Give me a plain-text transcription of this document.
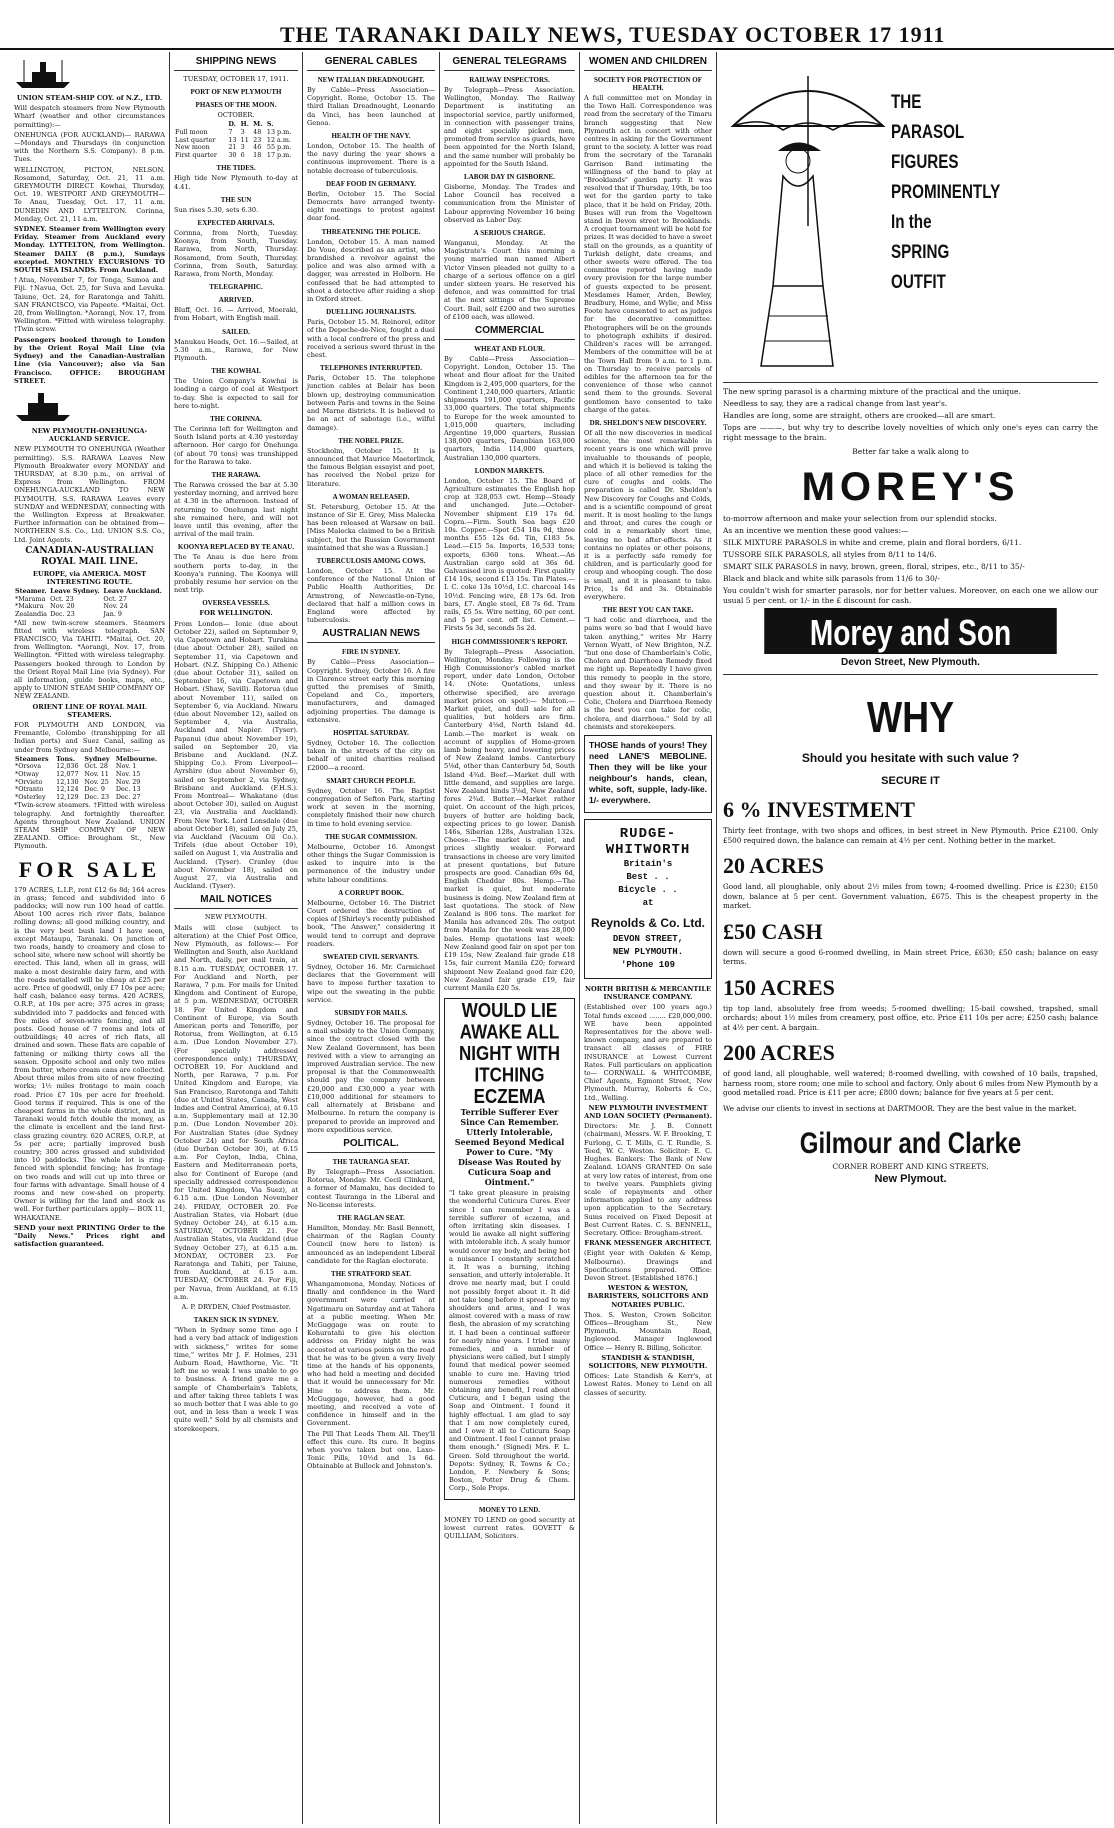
THE TARANAKI DAILY NEWS, TUESDAY OCTOBER 17 1911

UNION STEAM-SHIP COY. of N.Z., LTD.

Will despatch steamers from New Plymouth Wharf (weather and other circumstances permitting):—

ONEHUNGA (FOR AUCKLAND)— RARAWA—Mondays and Thursdays (in conjunction with the Northern S.S. Company). 8 p.m. Tues.

WELLINGTON, PICTON, NELSON. Rosamond, Saturday, Oct. 21, 11 a.m. GREYMOUTH DIRECT. Kowhai, Thursday, Oct. 19. WESTPORT AND GREYMOUTH— Te Anau, Tuesday, Oct. 17, 11 a.m. DUNEDIN AND LYTTELTON. Corinna, Monday, Oct. 21, 11 a.m.

SYDNEY. Steamer from Wellington every Friday. Steamer from Auckland every Monday. LYTTELTON, from Wellington. Steamer DAILY (8 p.m.), Sundays excepted. MONTHLY EXCURSIONS TO SOUTH SEA ISLANDS. From Auckland.

†Atua, November 7, for Tonga, Samoa and Fiji. †Navua, Oct. 25, for Suva and Levuka. Taiune, Oct. 24, for Raratonga and Tahiti. SAN FRANCISCO, via Papeete. *Maitai, Oct. 20, from Wellington. *Aorangi, Nov. 17, from Wellington. *Fitted with wireless telegraphy. †Twin screw.

Passengers booked through to London by the Orient Royal Mail Line (via Sydney) and the Canadian-Australian Line (via Vancouver); also via San Francisco. OFFICE: BROUGHAM STREET.

NEW PLYMOUTH-ONEHUNGA-AUCKLAND SERVICE.

NEW PLYMOUTH TO ONEHUNGA (Weather permitting). S.S. RARAWA Leaves New Plymouth Breakwater every MONDAY and THURSDAY, at 8.30 p.m., on arrival of Express from Wellington. FROM ONEHUNGA-AUCKLAND TO NEW PLYMOUTH. S.S. RARAWA Leaves every SUNDAY and WEDNESDAY, connecting with the Wellington Express at Breakwater. Further information can be obtained from— NORTHERN S.S. Co., Ltd. UNION S.S. Co., Ltd. Joint Agents.

CANADIAN-AUSTRALIAN ROYAL MAIL LINE.

EUROPE, via AMERICA. MOST INTERESTING ROUTE.

Steamer.	Leave Sydney.	Leave Auckland.
*Marama	Oct. 23	Oct. 27
*Makura	Nov. 20	Nov. 24
Zealandia	Dec. 23	Jan. 9

*All new twin-screw steamers. Steamers fitted with wireless telegraph. SAN FRANCISCO, Via TAHITI. *Maitai, Oct. 20, from Wellington. *Aorangi, Nov. 17, from Wellington. *Fitted with wireless telegraphy. Passengers booked through to London by the Orient Royal Mail Line (via Sydney). For all information, guide books, maps, etc., apply to UNION STEAM SHIP COMPANY OF NEW ZEALAND.

ORIENT LINE OF ROYAL MAIL STEAMERS.

FOR PLYMOUTH AND LONDON, via Fremantle, Colombo (transhipping for all Indian ports) and Suez Canal, sailing as under from Sydney and Melbourne:—

Steamers	Tons.	Sydney	Melbourne.
*Orsova	12,036	Oct. 28	Nov. 1
*Otway	12,077	Nov. 11	Nov. 15
*Orvieto	12,130	Nov. 25	Nov. 29
*Otranto	12,124	Dec. 9	Dec. 13
*Osterley	12,129	Dec. 23	Dec. 27

*Twin-screw steamers. †Fitted with wireless telegraphy. And fortnightly thereafter. Agents throughout New Zealand. UNION STEAM SHIP COMPANY OF NEW ZEALAND. Office: Brougham St., New Plymouth.

FOR SALE

179 ACRES, L.I.P., rent £12 6s 8d; 164 acres in grass; fenced and subdivided into 6 paddocks; will now run 100 head of cattle. About 100 acres rich river flats, balance rolling downs; all good milking country, and is the very best bush land I have seen, except Mataupu, Taranaki. On junction of two roads, handy to creamery and close to school site, where new school will shortly be erected. This land, when all in grass, will make a most desirable dairy farm, and with the roads metalled will be cheap at £25 per acre. Price of goodwill, only £7 10s per acre; half cash, balance easy terms. 420 ACRES, O.R.P., at 10s per acre; 375 acres in grass; subdivided into 7 paddocks and fenced with five miles of seven-wire fencing, and all posts. Good house of 7 rooms and lots of outbuildings; 40 acres of rich flats, all drained and sown. These flats are capable of fattening or milking thirty cows all the season. Opposite school and only two miles from butter, where cream cans are collected. About three miles from site of new freezing works; 1½ miles frontage to main coach road. Price £7 10s per acre for freehold. Good terms if required. This is one of the cheapest farms in the whole district, and in Taranaki would fetch double the money, as the climate is excellent and the land first-class grazing country. 620 ACRES, O.R.P., at 5s per acre; partially improved bush country; 300 acres grassed and subdivided into 10 paddocks. The whole lot is ring-fenced with splendid fencing; has frontage on two roads and will cut up into three or four farms with advantage. Small house of 4 rooms and new cow-shed on property. Owner is willing for the land and stock as well. For further particulars apply— BOX 11, WHAKATANE.

SEND your next PRINTING Order to the "Daily News." Prices right and satisfaction guaranteed.

SHIPPING NEWS

TUESDAY, OCTOBER 17, 1911.

PORT OF NEW PLYMOUTH
PHASES OF THE MOON.

OCTOBER.

	D.	H.	M.	S.
Full moon	7	3	48	13 p.m.
Last quarter	13	11	23	12 a.m.
New moon	21	3	46	55 p.m.
First quarter	30	6	18	17 p.m.
THE TIDES.

High tide New Plymouth to-day at 4.41.

THE SUN

Sun rises 5.30, sets 6.30.

EXPECTED ARRIVALS.

Corinna, from North, Tuesday. Koonya, from South, Tuesday. Rarawa, from North, Thursday. Rosamond, from South, Thursday. Corinna, from South, Saturday. Rarawa, from North, Monday.

TELEGRAPHIC.
ARRIVED.

Bluff, Oct. 16. — Arrived, Moeraki, from Hobart, with English mail.

SAILED.

Manukau Heads, Oct. 16.—Sailed, at 5.30 a.m., Rarawa, for New Plymouth.

THE KOWHAI.

The Union Company's Kowhai is loading a cargo of coal at Westport to-day. She is expected to sail for here to-night.

THE CORINNA.

The Corinna left for Wellington and South Island ports at 4.30 yesterday afternoon. Her cargo for Onehunga (of about 70 tons) was transhipped for the Rarawa to take.

THE RARAWA.

The Rarawa crossed the bar at 5.30 yesterday morning, and arrived here at 4.30 in the afternoon. Instead of returning to Onehunga last night she remained here, and will not leave until this evening, after the arrival of the mail train.

KOONYA REPLACED BY TE ANAU.

The Te Anau is due here from southern ports to-day, in the Koonya's running. The Koonya will probably resume her service on the next trip.

OVERSEA VESSELS.

FOR WELLINGTON.

From London— Ionic (due about October 22), sailed on September 9, via Capetown and Hobart. Turakina (due about October 28), sailed on September 11, via Capetown and Hobart. (N.Z. Shipping Co.) Athenic (due about October 31), sailed on September 16, via Capetown and Hobart. (Shaw, Savill). Rotorua (due about November 11), sailed on September 6, via Auckland. Niwaru (due about November 12), sailed on September 4, via Australia, Auckland and Napier. (Tyser). Papanui (due about November 19), sailed on September 20, via Brisbane and Auckland. (N.Z. Shipping Co.). From Liverpool— Ayrshire (due about November 6), sailed on September 2, via Sydney, Brisbane and Auckland. (F.H.S.). From Montreal— Whakatane (due about October 30), sailed on August 23, via Australia and Auckland). From New York. Lord Lonsdale (due about October 18), sailed on July 25, via Auckland (Vacuum Oil Co.). Trifels (due about October 19), sailed on August 1, via Australia and Auckland. (Tyser). Cranley (due about November 18), sailed on August 27, via Australia and Auckland. (Tyser).

MAIL NOTICES

NEW PLYMOUTH.

Mails will close (subject to alteration) at the Chief Post Office, New Plymouth, as follows:— For Wellington and South, also Auckland and North, daily, per mail train, at 8.15 a.m. TUESDAY, OCTOBER 17. For Auckland and North, per Rarawa, 7 p.m. For mails for United Kingdom and Continent of Europe, at 5 p.m. WEDNESDAY, OCTOBER 18. For United Kingdom and Continent of Europe, via South American ports and Teneriffe, per Rotorua, from Wellington, at 6.15 a.m. (Due London November 27). (For specially addressed correspondence only.) THURSDAY, OCTOBER 19. For Auckland and North, per Rarawa, 7 p.m. For United Kingdom and Europe, via San Francisco, Rarotonga and Tahiti (due at United States, Canada, West Indies and Central America), at 6.15 a.m. Supplementary mail at 12.30 p.m. (Due London November 20). For Australian States (due Sydney October 24) and for South Africa (due Durban October 30), at 6.15 a.m. For Ceylon, India, China, Eastern and Mediterranean ports, also for Continent of Europe (and specially addressed correspondence for United Kingdom, Via Suez), at 6.15 a.m. (Due London November 24). FRIDAY, OCTOBER 20. For Australian States, via Hobart (due Sydney October 24), at 6.15 a.m. SATURDAY, OCTOBER 21. For Australian States, via Auckland (due Sydney October 27), at 6.15 a.m. MONDAY, OCTOBER 23. For Raratonga and Tahiti, per Taiune, from Auckland, at 6.15 a.m. TUESDAY, OCTOBER 24. For Fiji, per Navua, from Auckland, at 6.15 a.m.

A. P. DRYDEN, Chief Postmaster.

TAKEN SICK IN SYDNEY.

"When in Sydney some time ago I had a very bad attack of indigestion with sickness," writes for some time," writes Mr J. F. Holmes, 231 Auburn Road, Hawthorne, Vic. "It left me so weak I was unable to go to business. A friend gave me a sample of Chamberlain's Tablets, and after taking three tablets I was so much better that I was able to go out, and in less than a week I was quite well." Sold by all chemists and storekeepers.

GENERAL CABLES
NEW ITALIAN DREADNOUGHT.

By Cable—Press Association—Copyright. Rome, October 15. The third Italian Dreadnought, Leonardo da Vinci, has been launched at Genoa.

HEALTH OF THE NAVY.

London, October 15. The health of the navy during the year shows a continuous improvement. There is a notable decrease of tuberculosis.

DEAF FOOD IN GERMANY.

Berlin, October 15. The Social Democrats have arranged twenty-eight meetings to protest against dear food.

THREATENING THE POLICE.

London, October 15. A man named De Voue, described as an artist, who brandished a revolver against the police and was also armed with a dagger, was arrested in Holborn. He confessed that he had attempted to shoot a detective after raiding a shop in Oxford street.

DUELLING JOURNALISTS.

Paris, October 15. M. Reinorel, editor of the Depeche-de-Nice, fought a duel with a local confrere of the press and received a serious sword thrust in the chest.

TELEPHONES INTERRUPTED.

Paris, October 15. The telephone junction cables at Belair has been blown up, destroying communication between Paris and towns in the Seine and Marne districts. It is believed to be an act of sabotage (i.e., wilful damage).

THE NOBEL PRIZE.

Stockholm, October 15. It is announced that Maurice Maeterlinck, the famous Belgian essayist and poet, has received the Nobel prize for literature.

A WOMAN RELEASED.

St. Petersburg, October 15. At the instance of Sir E. Grey, Miss Malecka has been released at Warsaw on bail. [Miss Malecka claimed to be a British subject, but the Russian Government maintained that she was a Russian.]

TUBERCULOSIS AMONG COWS.

London, October 15. At the conference of the National Union of Public Health Authorities, Dr. Armstrong, of Newcastle-on-Tyne, declared that half a million cows in England were affected by tuberculosis.

AUSTRALIAN NEWS
FIRE IN SYDNEY.

By Cable—Press Association—Copyright. Sydney, October 16. A fire in Clarence street early this morning gutted the premises of Smith, Copeland and Co., importers, manufacturers, and damaged adjoining properties. The damage is extensive.

HOSPITAL SATURDAY.

Sydney, October 16. The collection taken in the streets of the city on behalf of united charities realised £2000—a record.

SMART CHURCH PEOPLE.

Sydney, October 16. The Baptist congregation of Sefton Park, starting work at seven in the morning, completely finished their new church in time to hold evening service.

THE SUGAR COMMISSION.

Melbourne, October 16. Amongst other things the Sugar Commission is asked to inquire into is the permanence of the industry under white labour conditions.

A CORRUPT BOOK.

Melbourne, October 16. The District Court ordered the destruction of copies of [Shirley's recently published book, "The Answer," considering it would tend to corrupt and deprave readers.

SWEATED CIVIL SERVANTS.

Sydney, October 16. Mr. Carmichael declares that the Government will have to impose further taxation to wipe out the sweating in the public service.

SUBSIDY FOR MAILS.

Sydney, October 16. The proposal for a mail subsidy to the Union Company, since the contract closed with the New Zealand Government, has been revived with a view to arranging an improved Australian service. The new proposal is that the Commonwealth should pay the company between £20,000 and £30,000 a year with £10,000 additional for steamers to call alternately at Brisbane and Melbourne. In return the company is prepared to provide an improved and more expeditious service.

POLITICAL.
THE TAURANGA SEAT.

By Telegraph—Press Association. Rotorua, Monday. Mr. Cecil Clinkard, a former of Mamaku, has decided to contest Tauranga in the Liberal and No-license interests.

THE RAGLAN SEAT.

Hamilton, Monday. Mr. Basil Bennett, chairman of the Raglan County Council (now here to listen) is announced as an independent Liberal candidate for the Raglan electorate.

THE STRATFORD SEAT.

Whangamomona, Monday. Notices of finally and confidence in the Ward government were carried at Ngatimaru on Saturday and at Tahora at a public meeting. When Mr. McGuggage was on route to Kohuratahi to give his election address on Friday night he was accosted at various points on the road that he was to be given a very lively time at the hands of his opponents, who had held a meeting and decided that it would be unnecessary for Mr. Hine to address them. Mr. McGuggage, however, had a good meeting, and received a vote of confidence in himself and in the Government.

The Pill That Leads Them All. They'll effect this cure. Its cure. It begins when you've taken but one. Laxo-Tonic Pills, 10½d and 1s 6d. Obtainable at Bullock and Johnston's.

GENERAL TELEGRAMS
RAILWAY INSPECTORS.

By Telegraph—Press Association. Wellington, Monday. The Railway Department is instituting an inspectorial service, partly uniformed, in connection with passenger trains, and eight specially picked men, promoted from service as guards, have been appointed for the North Island, and the same number will probably be appointed for the South Island.

LABOR DAY IN GISBORNE.

Gisborne, Monday. The Trades and Labor Council has received a communication from the Minister of Labour approving November 16 being observed as Labor Day.

A SERIOUS CHARGE.

Wanganui, Monday. At the Magistrate's Court this morning a young married man named Albert Victor Vinsen pleaded not guilty to a charge of a serious offence on a girl under sixteen years. He reserved his defence, and was committed for trial at the next sittings of the Supreme Court. Bail, self £200 and two sureties of £100 each, was allowed.

COMMERCIAL
WHEAT AND FLOUR.

By Cable—Press Association—Copyright. London, October 15. The wheat and flour afloat for the United Kingdom is 2,495,000 quarters, for the Continent 1,240,000 quarters, Atlantic shipments 191,000 quarters, Pacific 33,000 quarters. The total shipments to Europe for the week amounted to 1,015,000 quarters, including Argentine 19,000 quarters, Russian 138,000 quarters, Danubian 163,000 quarters, India 114,000 quarters, Australian 130,000 quarters.

LONDON MARKETS.

London, October 15. The Board of Agriculture estimates the English hop crop at 328,053 cwt. Hemp—Steady and unchanged. Jute.—October-November shipment £19 17s 6d. Copra.—Firm. South Sea bags £20 10s. Copper.—Spot £54 18s 9d, three months £55 12s 6d. Tin, £183 5s. Lead.—£15 5s. Imports, 16,533 tons; exports, 6360 tons. Wheat.—An Australian cargo sold at 36s 6d. Galvanised iron is quoted: First quality £14 10s, second £13 15s. Tin Plates.—I. C. coke 13s 10½d, I.C. charcoal 14s 10½d. Fencing wire, £8 17s 6d. Iron bars, £7. Angle steel, £8 7s 6d. Tram rails, £5 5s. Wire netting, 60 per cent. and 5 per cent. off list. Cement.—Firsts 5s 3d, seconds 5s 2d.

HIGH COMMISSIONER'S REPORT.

By Telegraph—Press Association. Wellington, Monday. Following is the High Commissioner's cabled market report, under date London, October 14. (Note: Quotations, unless otherwise specified, are average market prices on spot):— Mutton.—Market quiet, and dull sale for all qualities, but holders are firm. Canterbury 4⅛d, North Island 4d. Lamb.—The market is weak on account of supplies of Home-grown lamb being heavy, and lowering prices of New Zealand lambs. Canterbury 5⅛d, other than Canterbury 5d, South Island 4¾d. Beef.—Market dull with little demand, and supplies are large. New Zealand hinds 3⅛d, New Zealand fores 2¾d. Butter.—Market rather quiet. On account of the high prices, buyers of butter are holding back, expecting prices to go lower. Danish 146s, Siberian 128s, Australian 132s. Cheese.—The market is quiet, and prices slightly weaker. Forward transactions in cheese are very limited at present quotations, but future prospects are good. Canadian 69s 6d, English Cheddar 80s. Hemp.—The market is quiet, but moderate business is doing. New Zealand firm at last quotations. The stock of New Zealand is 806 tons. The market for Manila has advanced 20s. The output from Manila for the week was 28,000 bales. Hemp quotations last week: New Zealand good fair on spot per ton £19 15s, New Zealand fair grade £18 15s, fair current Manila £20; forward shipment New Zealand good fair £20, New Zealand fair grade £19, fair current Manila £20 5s.

WOULD LIE AWAKE ALL NIGHT WITH ITCHING ECZEMA

Terrible Sufferer Ever Since Can Remember. Utterly Intolerable, Seemed Beyond Medical Power to Cure. "My Disease Was Routed by Cuticura Soap and Ointment."

"I take great pleasure in praising the wonderful Cuticura Cures. Ever since I can remember I was a terrible sufferer of eczema, and often irritating skin diseases. I would lie awake all night suffering with intolerable itch. A scaly humor would cover my body, and being hot a nuisance I constantly scratched it. It was a burning, itching sensation, and utterly intolerable. It drove me nearly mad, but I could not possibly forget about it. It did not take long before it spread to my shoulders and arms, and I was almost covered with a mass of raw flesh, the abrasion of my scratching it. I had been a continual sufferer for nearly nine years. I tried many remedies, and a number of physicians were called, but I simply found that medical power seemed unable to cure me. Having tried numerous remedies without obtaining any benefit, I read about Cuticura, and I began using the Soap and Ointment. I found it highly effectual. I am glad to say that I am now completely cured, and I owe it all to Cuticura Soap and Ointment. I feel I cannot praise them enough." (Signed) Mrs. F. L. Green. Sold throughout the world. Depots: Sydney, R. Towns & Co.; London, F. Newbery & Sons; Boston, Potter Drug & Chem. Corp., Sole Props.

MONEY TO LEND.

MONEY TO LEND on good security at lowest current rates. GOVETT & QUILLIAM, Solicitors.

WOMEN AND CHILDREN
SOCIETY FOR PROTECTION OF HEALTH.

A full committee met on Monday in the Town Hall. Correspondence was read from the secretary of the Timaru branch suggesting that New Plymouth act in concert with other centres in asking for the Government grant to the society. A letter was read from the secretary of the Taranaki Garrison Band intimating the willingness of the band to play at "Brooklands" garden party. It was resolved that if Thursday, 19th, be too wet for the garden party to take place, that it be held on Friday, 20th. Buses will run from the Vogeltown stand in Devon street to Brooklands. A croquet tournament will be held for prizes. It was decided to have a sweet stall on the grounds, as a quantity of Turkish delight, date creams, and other sweets were offered. The tea committee reported having made every provision for the large number of guests expected to be present. Mesdames Hamer, Arden, Bewley, Bradbury, Home, and Wylie, and Miss Foote have consented to act as judges for the decorative committee. Photographers will be on the grounds to photograph exhibits if desired. Children's races will be arranged. Members of the committee will be at the Town Hall from 9 a.m. to 1 p.m. on Thursday to receive parcels of edibles for the afternoon tea for the convenience of those who cannot send them to the grounds. Several gentlemen have consented to take charge of the gates.

DR. SHELDON'S NEW DISCOVERY.

Of all the new discoveries in medical science, the most remarkable in recent years is one which will prove invaluable to thousands of people, and which it is believed is taking the place of all other remedies for the cure of coughs and colds. The preparation is called Dr. Sheldon's New Discovery for Coughs and Colds, and is a scientific compound of great merit. It is most healing to the lungs and throat, and cures the cough or cold in a remarkably short time, leaving no bad after-effects. As it contains no opiates or other poisons, it is a perfectly safe remedy for children, and is particularly good for croup and whooping cough. The dose is small, and it is pleasant to take. Price, 1s 6d and 3s. Obtainable everywhere.

THE BEST YOU CAN TAKE.

"I had colic and diarrhoea, and the pains were so bad that I would have taken anything," writes Mr Harry Vernon Wyatt, of New Brighton, N.Z. "but one dose of Chamberlain's Colic, Cholera and Diarrhoea Remedy fixed me right up. Repeatedly I have given this remedy to people in the store, and they swear by it. There is no question about it. Chamberlain's Colic, Cholera and Diarrhoea Remedy is the best you can take for colic, cholera, and diarrhoea." Sold by all chemists and storekeepers.

THOSE hands of yours! They need LANE'S MEBOLINE. Then they will be like your neighbour's hands, clean, white, soft, supple, lady-like. 1/- everywhere.

RUDGE-
WHITWORTH
Britain's
Best . .
Bicycle . .
at
Reynolds & Co. Ltd.
DEVON STREET,
NEW PLYMOUTH.
'Phone 109

NORTH BRITISH & MERCANTILE INSURANCE COMPANY.

(Established over 100 years ago.) Total funds exceed ........ £20,000,000. WE have been appointed Representatives for the above well-known company, and are prepared to transact all classes of FIRE INSURANCE at Lowest Current Rates. Full particulars on application to— CORNWALL & WHITCOMBE, Chief Agents, Egmont Street, New Plymouth. Murray, Roberts & Co., Ltd., Welling.

NEW PLYMOUTH INVESTMENT AND LOAN SOCIETY (Permanent).

Directors: Mr. J. B. Connett (chairman), Messrs. W. F. Brooking, T. Furlong, C. T. Mills, C. T. Rundle, S. Teed, W. C. Weston. Solicitor: E. C. Hughes. Bankers: The Bank of New Zealand. LOANS GRANTED On sale at very low rates of interest, from one to twelve years. Pamphlets giving scale of repayments and other information applied to any address upon application to the Secretary. Sums received on Fixed Deposit at Best Current Rates. C. S. BENNELL, Secretary. Office: Brougham-street.

FRANK MESSENGER ARCHITECT.

(Eight year with Oakden & Kemp, Melbourne). Drawings and Specifications prepared. Office: Devon Street. [Established 1876.]

WESTON & WESTON, BARRISTERS, SOLICITORS AND NOTARIES PUBLIC.

Thos. S. Weston, Crown Solicitor. Offices—Brougham St., New Plymouth. Mountain Road, Inglewood. Manager Inglewood Office — Henry R. Billing, Solicitor.

STANDISH & STANDISH, SOLICITORS, NEW PLYMOUTH.

Offices: Late Standish & Kerr's, at Lowest Rates. Money to Lend on all classes of security.

THE
PARASOL
FIGURES
PROMINENTLY
In the
SPRING
OUTFIT

The new spring parasol is a charming mixture of the practical and the unique.

Needless to say, they are a radical change from last year's.

Handles are long, some are straight, others are crooked—all are smart.

Tops are ———, but why try to describe lovely novelties of which only one's eyes can carry the right message to the brain.

Better far take a walk along to

MOREY'S

to-morrow afternoon and make your selection from our splendid stocks.

As an incentive we mention these good values:—

SILK MIXTURE PARASOLS in white and creme, plain and floral borders, 6/11.

TUSSORE SILK PARASOLS, all styles from 8/11 to 14/6.

SMART SILK PARASOLS in navy, brown, green, floral, stripes, etc., 8/11 to 35/-

Black and black and white silk parasols from 11/6 to 30/-

You couldn't wish for smarter parasols, nor for better values. Moreover, on each one we allow our usual 5 per cent. or 1/- in the £ discount for cash.

Morey and Son

Devon Street, New Plymouth.

WHY

Should you hesitate with such value ?

SECURE IT

6 % INVESTMENT

Thirty feet frontage, with two shops and offices, in best street in New Plymouth. Price £2100. Only £500 required down, the balance can remain at 4½ per cent. Nothing better in the market.

20 ACRES

Good land, all ploughable, only about 2½ miles from town; 4-roomed dwelling. Price is £230; £150 down, balance at 5 per cent. Government valuation, £675. This is the cheapest property in the market.

£50 CASH

down will secure a good 6-roomed dwelling, in Main street Price, £630; £50 cash; balance on easy terms.

150 ACRES

tip top land, absolutely free from weeds; 5-roomed dwelling; 15-bail cowshed, trapshed, small orchards; about 1½ miles from creamery, post office, etc. Price £11 10s per acre; £250 cash; balance at 4½ per cent. A bargain.

200 ACRES

of good land, all ploughable, well watered; 8-roomed dwelling, with cowshed of 10 bails, trapshed, harness room, store room; one mile to school and factory. Only about 6 miles from New Plymouth by a good metalled road. Price is £11 per acre; £800 down; balance for five years at 5 per cent.

We advise our clients to invest in sections at DARTMOOR. They are the best value in the market.

Gilmour and Clarke

CORNER ROBERT AND KING STREETS,

New Plymout.
